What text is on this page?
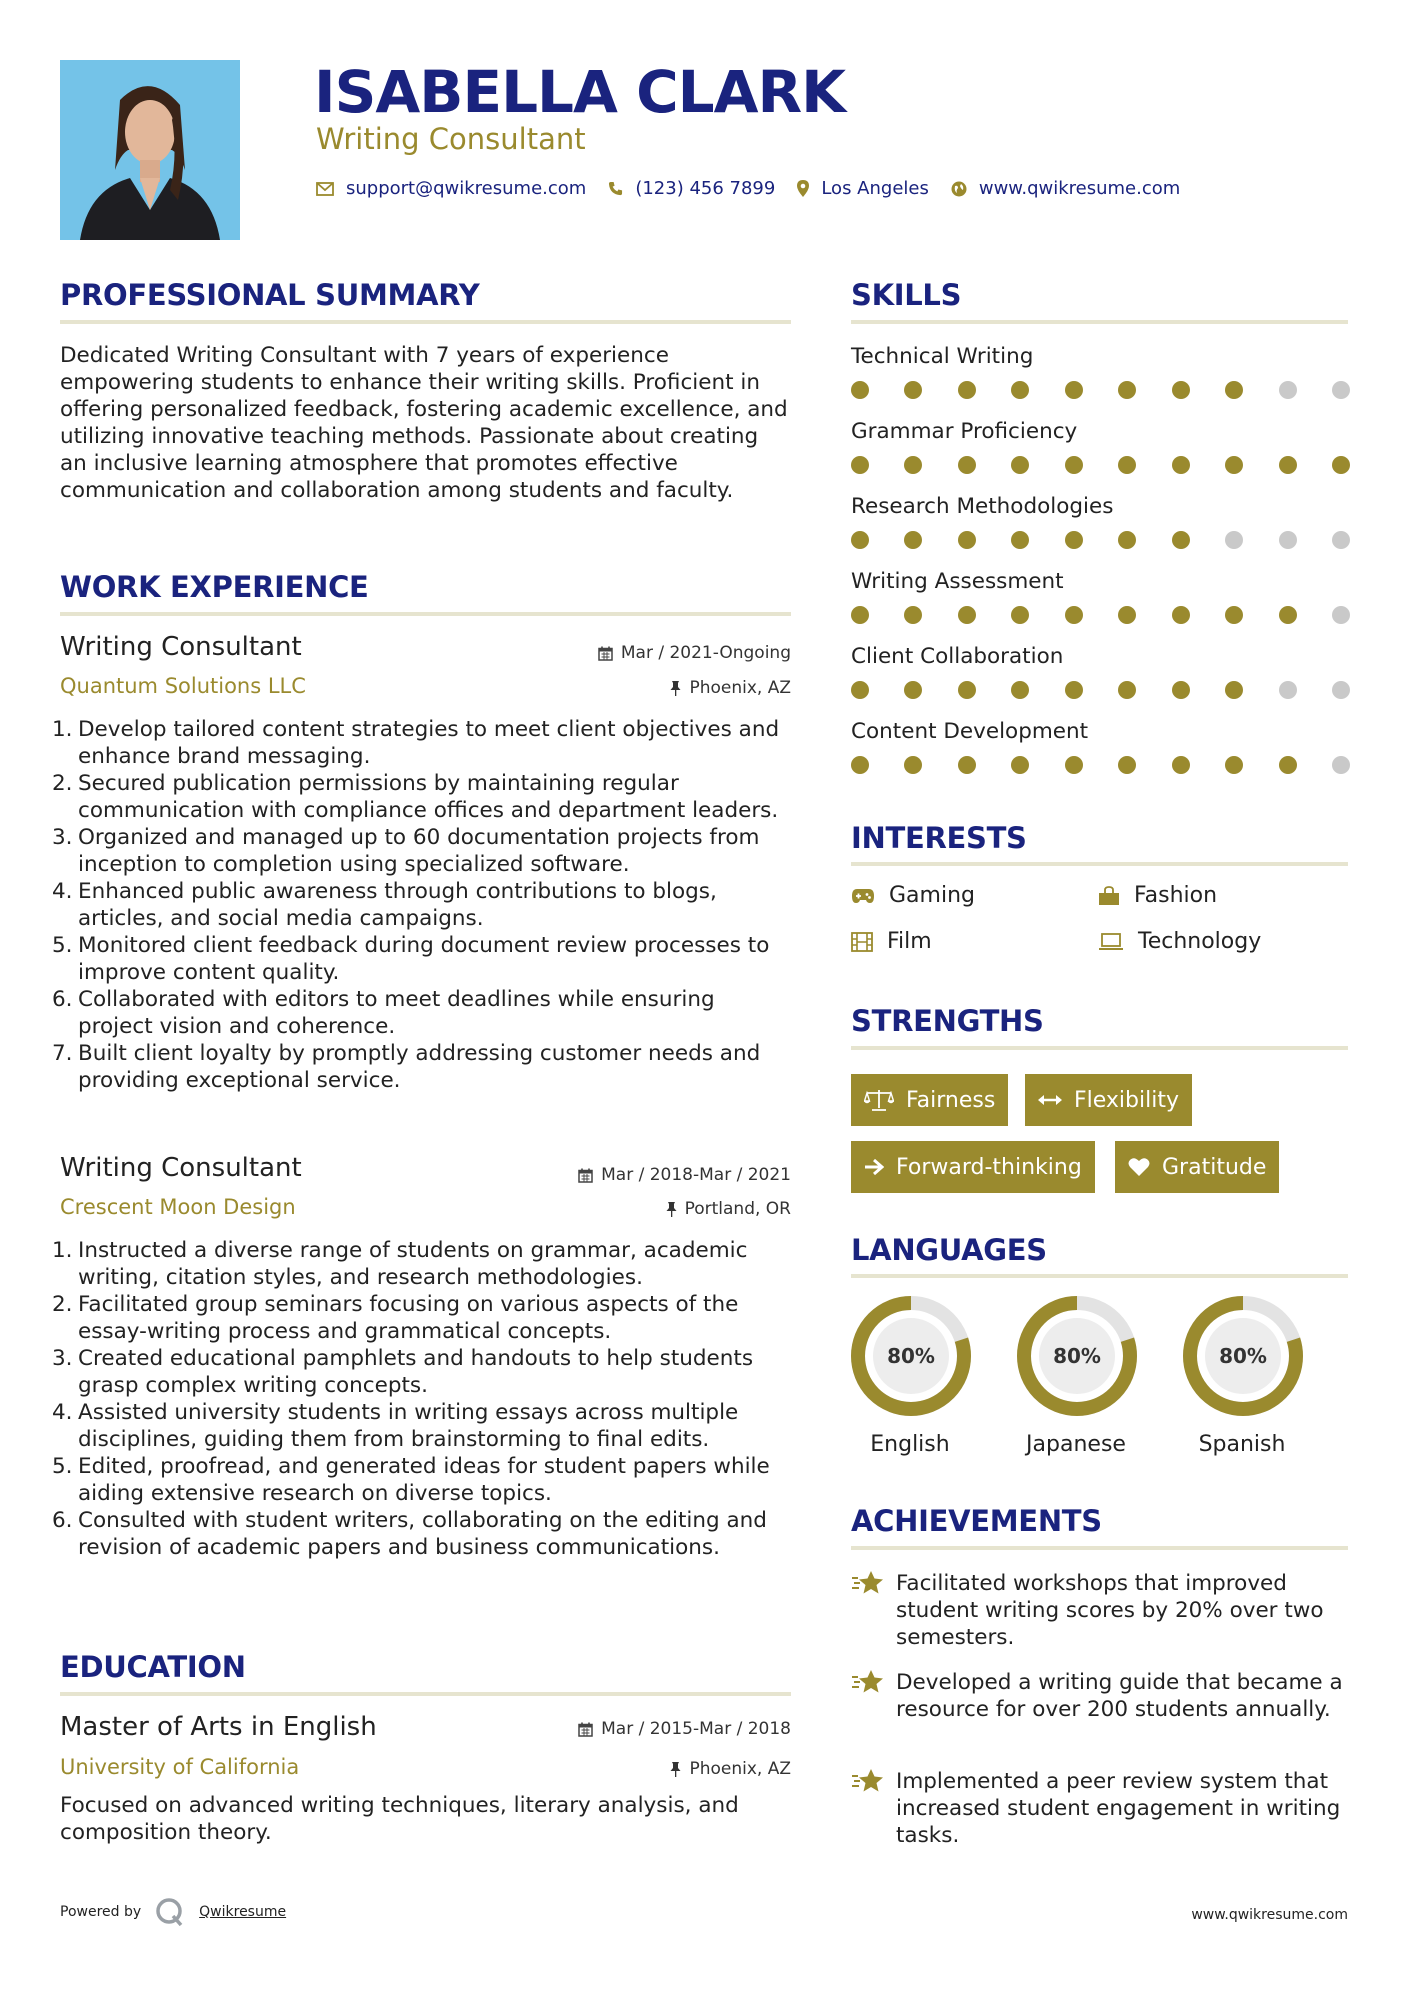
ISABELLA CLARK
Writing Consultant
support@qwikresume.com	(123) 456 7899	Los Angeles	www.qwikresume.com
PROFESSIONAL SUMMARY
Dedicated Writing Consultant with 7 years of experience empowering students to enhance their writing skills. Proficient in offering personalized feedback, fostering academic excellence, and utilizing innovative teaching methods. Passionate about creating an inclusive learning atmosphere that promotes effective communication and collaboration among students and faculty.
WORK EXPERIENCE
Writing Consultant	Mar / 2021-Ongoing
Quantum Solutions LLC	Phoenix, AZ
1. Develop tailored content strategies to meet client objectives and enhance brand messaging.
2. Secured publication permissions by maintaining regular communication with compliance offices and department leaders.
3. Organized and managed up to 60 documentation projects from inception to completion using specialized software.
4. Enhanced public awareness through contributions to blogs, articles, and social media campaigns.
5. Monitored client feedback during document review processes to improve content quality.
6. Collaborated with editors to meet deadlines while ensuring project vision and coherence.
7. Built client loyalty by promptly addressing customer needs and providing exceptional service.
Writing Consultant	Mar / 2018-Mar / 2021
Crescent Moon Design	Portland, OR
1. Instructed a diverse range of students on grammar, academic writing, citation styles, and research methodologies.
2. Facilitated group seminars focusing on various aspects of the essay-writing process and grammatical concepts.
3. Created educational pamphlets and handouts to help students grasp complex writing concepts.
4. Assisted university students in writing essays across multiple disciplines, guiding them from brainstorming to final edits.
5. Edited, proofread, and generated ideas for student papers while aiding extensive research on diverse topics.
6. Consulted with student writers, collaborating on the editing and revision of academic papers and business communications.
EDUCATION
Master of Arts in English	Mar / 2015-Mar / 2018
University of California	Phoenix, AZ
Focused on advanced writing techniques, literary analysis, and composition theory.
SKILLS
Technical Writing
Grammar Proficiency
Research Methodologies
Writing Assessment
Client Collaboration
Content Development
INTERESTS
Gaming	Fashion
Film	Technology
STRENGTHS
Fairness	Flexibility
Forward-thinking	Gratitude
LANGUAGES
80%
English
80%
Japanese
80%
Spanish
ACHIEVEMENTS
Facilitated workshops that improved student writing scores by 20% over two semesters.
Developed a writing guide that became a resource for over 200 students annually.
Implemented a peer review system that increased student engagement in writing tasks.
Powered by	Qwikresume	www.qwikresume.com
